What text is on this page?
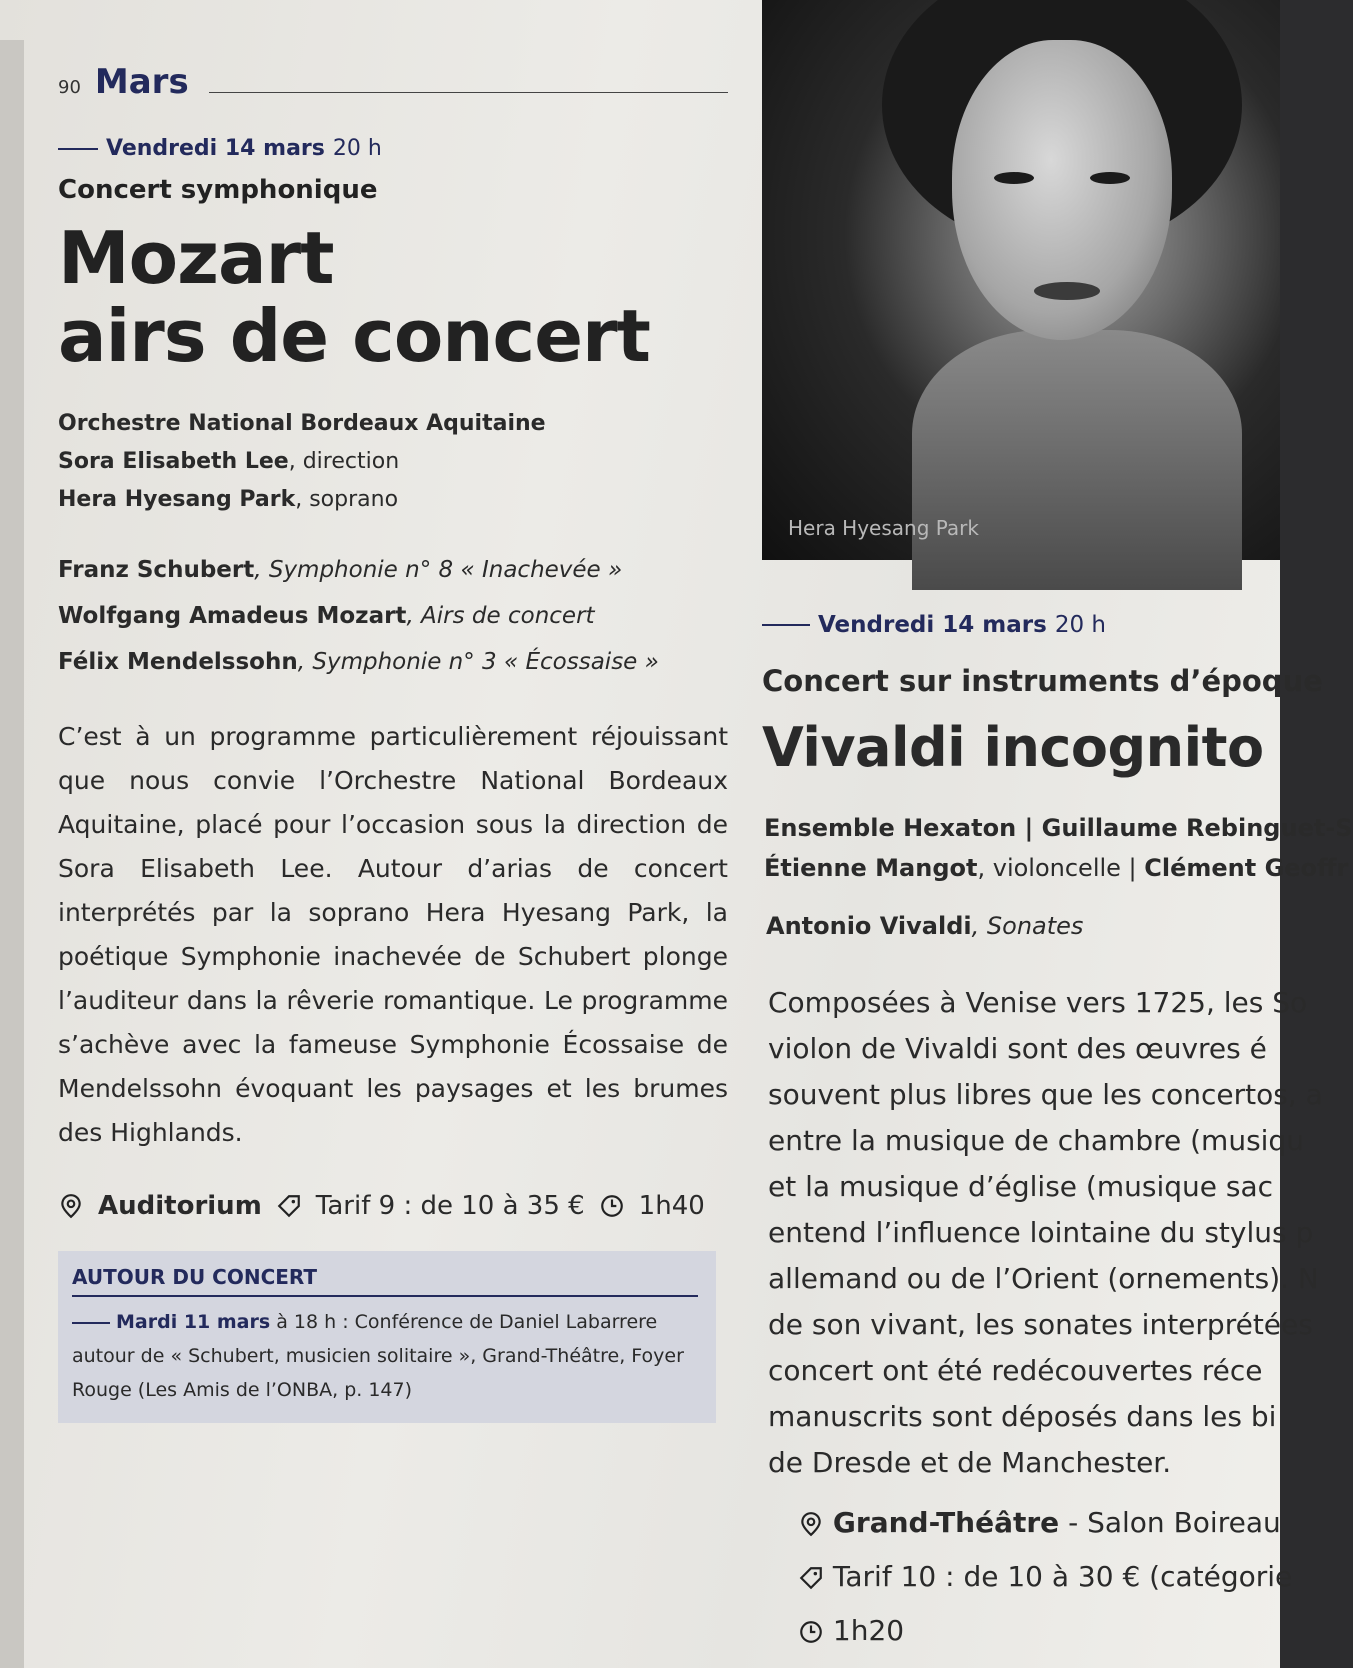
90 Mars
Vendredi 14 mars 20 h
Concert symphonique
Mozart
airs de concert
Orchestre National Bordeaux Aquitaine
Sora Elisabeth Lee, direction
Hera Hyesang Park, soprano
Franz Schubert, Symphonie n° 8 « Inachevée »
Wolfgang Amadeus Mozart, Airs de concert
Félix Mendelssohn, Symphonie n° 3 « Écossaise »
C’est à un programme particulièrement réjouissant que nous convie l’Orchestre National Bordeaux Aquitaine, placé pour l’occasion sous la direction de Sora Elisabeth Lee. Autour d’arias de concert interprétés par la soprano Hera Hyesang Park, la poétique Symphonie inachevée de Schubert plonge l’auditeur dans la rêverie romantique. Le programme s’achève avec la fameuse Symphonie Écossaise de Mendelssohn évoquant les paysages et les brumes des Highlands.
Auditorium Tarif 9 : de 10 à 35 € 1h40
AUTOUR DU CONCERT
Mardi 11 mars à 18 h : Conférence de Daniel Labarrere autour de « Schubert, musicien solitaire », Grand-Théâtre, Foyer Rouge (Les Amis de l’ONBA, p. 147)
Hera Hyesang Park
Vendredi 14 mars 20 h
Concert sur instruments d’époque
Vivaldi incognito
Ensemble Hexaton | Guillaume Rebinguet-S
Étienne Mangot, violoncelle | Clément Geoffr
Antonio Vivaldi, Sonates
Composées à Venise vers 1725, les So
violon de Vivaldi sont des œuvres é
souvent plus libres que les concertos, a
entre la musique de chambre (musiqu
et la musique d’église (musique sac
entend l’influence lointaine du stylus p
allemand ou de l’Orient (ornements). N
de son vivant, les sonates interprétées
concert ont été redécouvertes réce
manuscrits sont déposés dans les bi
de Dresde et de Manchester.
Grand-Théâtre - Salon Boireau
Tarif 10 : de 10 à 30 € (catégorie
1h20
